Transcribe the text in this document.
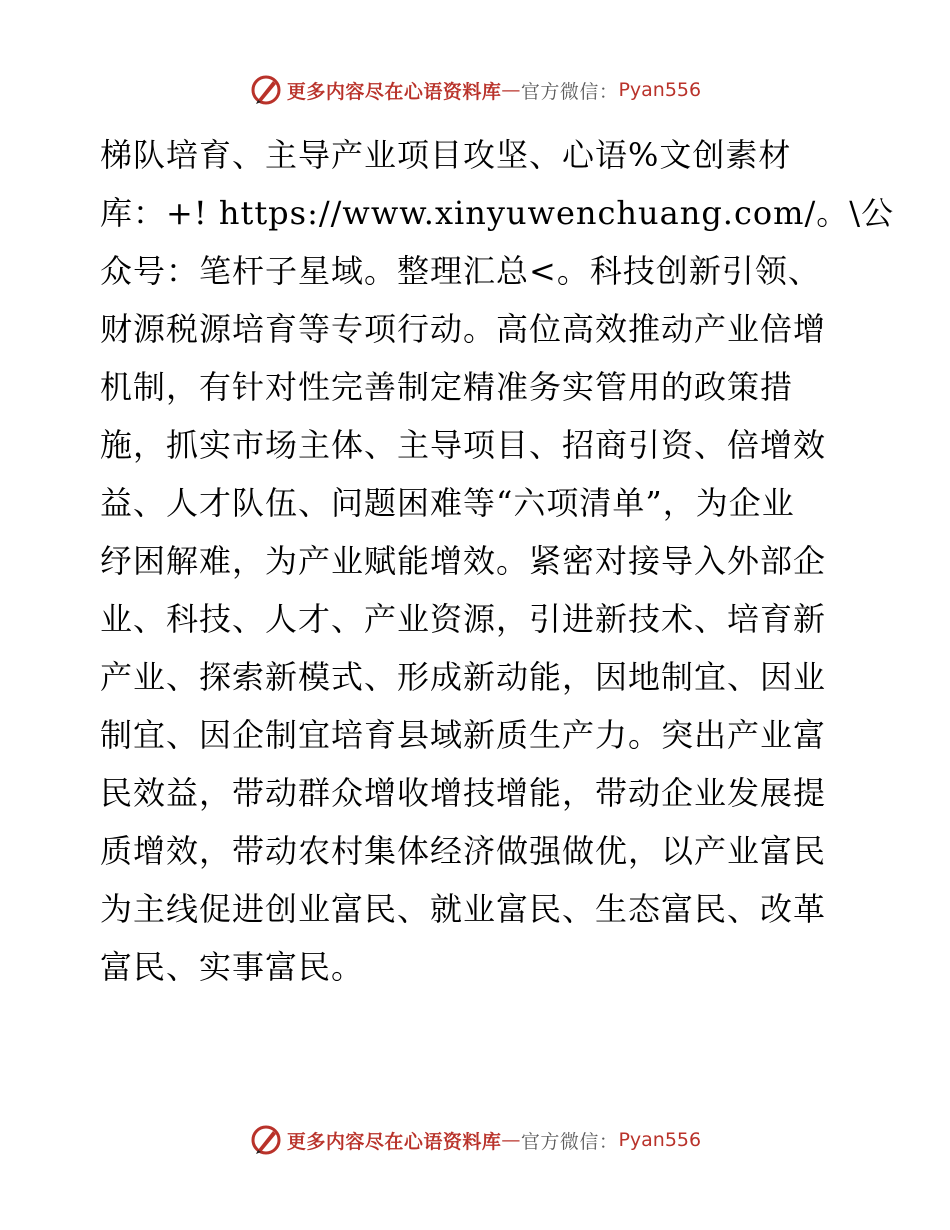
更多内容尽在心语资料库 — 官方微信： Pyan556
梯队培育、主导产业项目攻坚、心语%文创素材
库：+! https://www.xinyuwenchuang.com/。\公
众号：笔杆子星域。整理汇总<。科技创新引领、
财源税源培育等专项行动。高位高效推动产业倍增
机制，有针对性完善制定精准务实管用的政策措
施，抓实市场主体、主导项目、招商引资、倍增效
益、人才队伍、问题困难等“六项清单”，为企业
纾困解难，为产业赋能增效。紧密对接导入外部企
业、科技、人才、产业资源，引进新技术、培育新
产业、探索新模式、形成新动能，因地制宜、因业
制宜、因企制宜培育县域新质生产力。突出产业富
民效益，带动群众增收增技增能，带动企业发展提
质增效，带动农村集体经济做强做优，以产业富民
为主线促进创业富民、就业富民、生态富民、改革
富民、实事富民。
更多内容尽在心语资料库 — 官方微信： Pyan556
